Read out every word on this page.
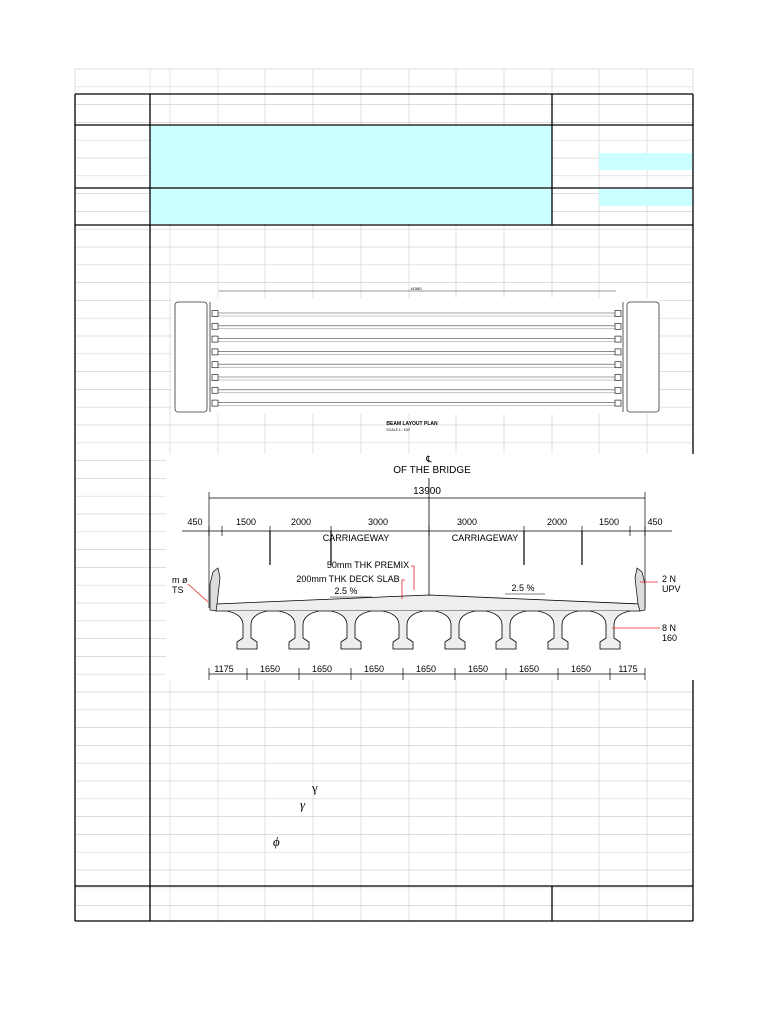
41580
BEAM LAYOUT PLAN
SCALE 1 : 100
℄
OF THE BRIDGE
13900
450	1500	2000	3000	3000	2000	1500	450
CARRIAGEWAY	CARRIAGEWAY
50mm THK PREMIX
200mm THK DECK SLAB
2.5 %	2.5 %
m ø
TS
2 N
UPV
8 N
160
1175	1650	1650	1650	1650	1650	1650	1650	1175
γ
γ
ϕ
